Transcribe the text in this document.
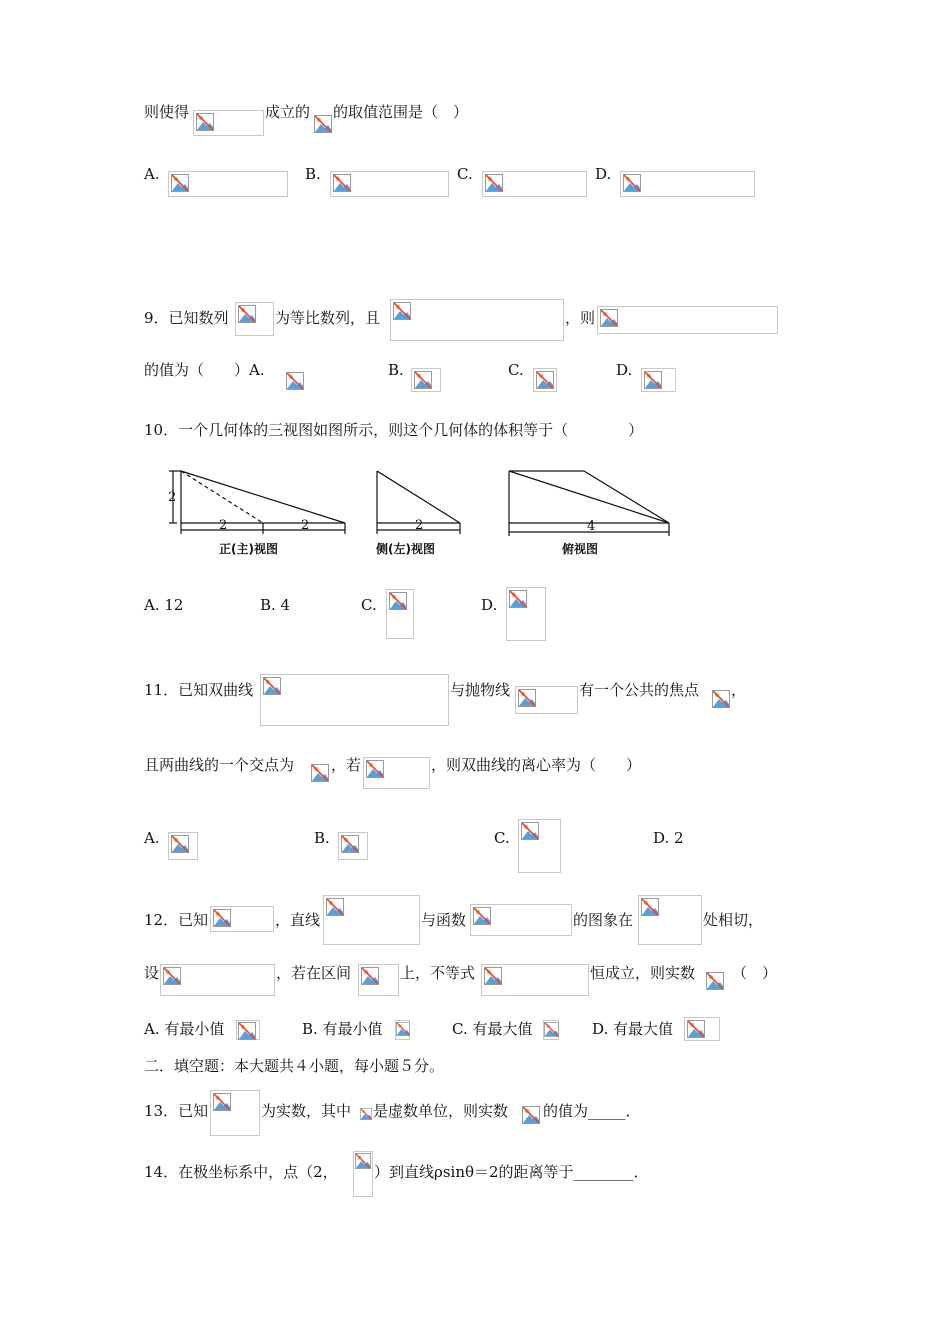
则使得	成立的 的取值范围是（　）
A.	B.	C.	D.
9．已知数列	为等比数列，且	，则
的值为（　　）A.	B.	C.	D.
10．一个几何体的三视图如图所示，则这个几何体的体积等于（　　　　）
2
2	2
正(主)视图
2
侧(左)视图
4
俯视图
A. 12	B. 4	C.	D.
11．已知双曲线	与抛物线	有一个公共的焦点 ，
且两曲线的一个交点为 ，若	，则双曲线的离心率为（　　）
A.	B.	C.	D. 2
12．已知	，直线	与函数	的图象在	处相切，
设	，若在区间	上，不等式	恒成立，则实数 （　）
A. 有最小值	B. 有最小值	C. 有最大值	D. 有最大值
二．填空题：本大题共４小题，每小题５分。
13．已知	为实数，其中 是虚数单位，则实数 的值为_____．
14．在极坐标系中，点（2， ）到直线ρsinθ＝2的距离等于________．
